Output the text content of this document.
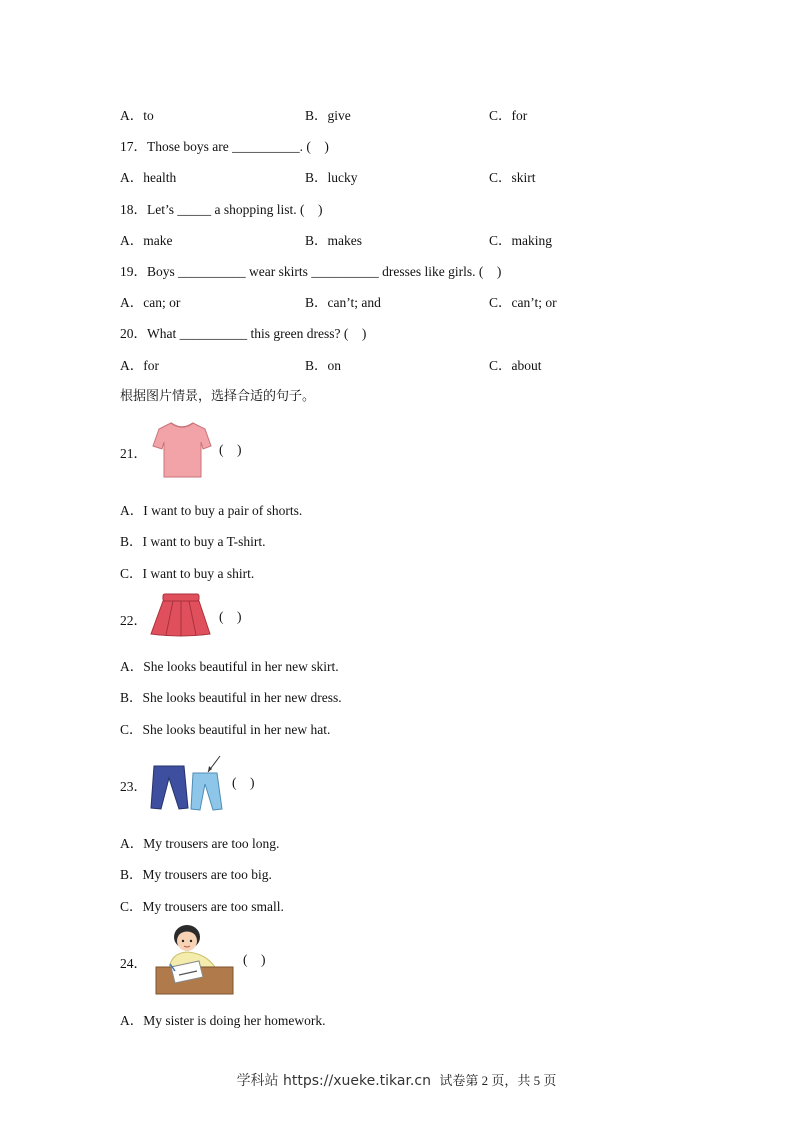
A．to	B．give	C．for
17．Those boys are __________. (    )
A．health	B．lucky	C．skirt
18．Let’s _____ a shopping list. (    )
A．make	B．makes	C．making
19．Boys __________ wear skirts __________ dresses like girls. (    )
A．can; or	B．can’t; and	C．can’t; or
20．What __________ this green dress? (    )
A．for	B．on	C．about
根据图片情景，选择合适的句子。
21．	(    )
A．I want to buy a pair of shorts.
B．I want to buy a T-shirt.
C．I want to buy a shirt.
22．	(    )
A．She looks beautiful in her new skirt.
B．She looks beautiful in her new dress.
C．She looks beautiful in her new hat.
23．	(    )
A．My trousers are too long.
B．My trousers are too big.
C．My trousers are too small.
24．	(    )
A．My sister is doing her homework.
学科站 https://xueke.tikar.cn 试卷第 2 页，共 5 页
